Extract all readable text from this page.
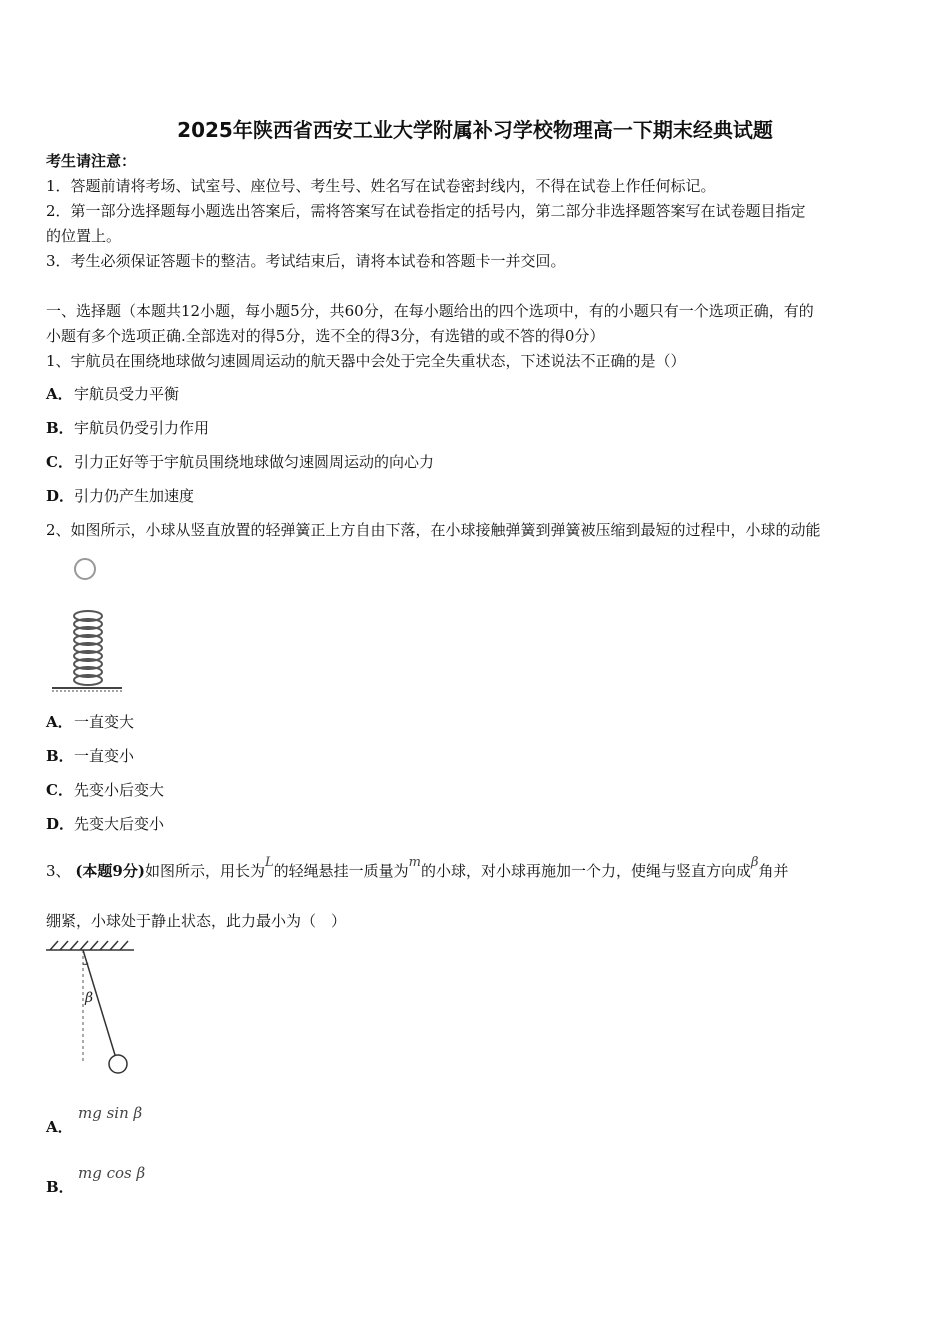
2025年陕西省西安工业大学附属补习学校物理高一下期末经典试题
考生请注意：
1．答题前请将考场、试室号、座位号、考生号、姓名写在试卷密封线内，不得在试卷上作任何标记。
2．第一部分选择题每小题选出答案后，需将答案写在试卷指定的括号内，第二部分非选择题答案写在试卷题目指定
的位置上。
3．考生必须保证答题卡的整洁。考试结束后，请将本试卷和答题卡一并交回。
一、选择题（本题共12小题，每小题5分，共60分，在每小题给出的四个选项中，有的小题只有一个选项正确，有的
小题有多个选项正确.全部选对的得5分，选不全的得3分，有选错的或不答的得0分）
1、宇航员在围绕地球做匀速圆周运动的航天器中会处于完全失重状态，下述说法不正确的是（）
A．宇航员受力平衡
B．宇航员仍受引力作用
C．引力正好等于宇航员围绕地球做匀速圆周运动的向心力
D．引力仍产生加速度
2、如图所示，小球从竖直放置的轻弹簧正上方自由下落，在小球接触弹簧到弹簧被压缩到最短的过程中，小球的动能
A．一直变大
B．一直变小
C．先变小后变大
D．先变大后变小
3、 (本题9分)如图所示，用长为L的轻绳悬挂一质量为m的小球，对小球再施加一个力，使绳与竖直方向成β角并
绷紧，小球处于静止状态，此力最小为（　）
β
A．
mg sin β
B．
mg cos β
